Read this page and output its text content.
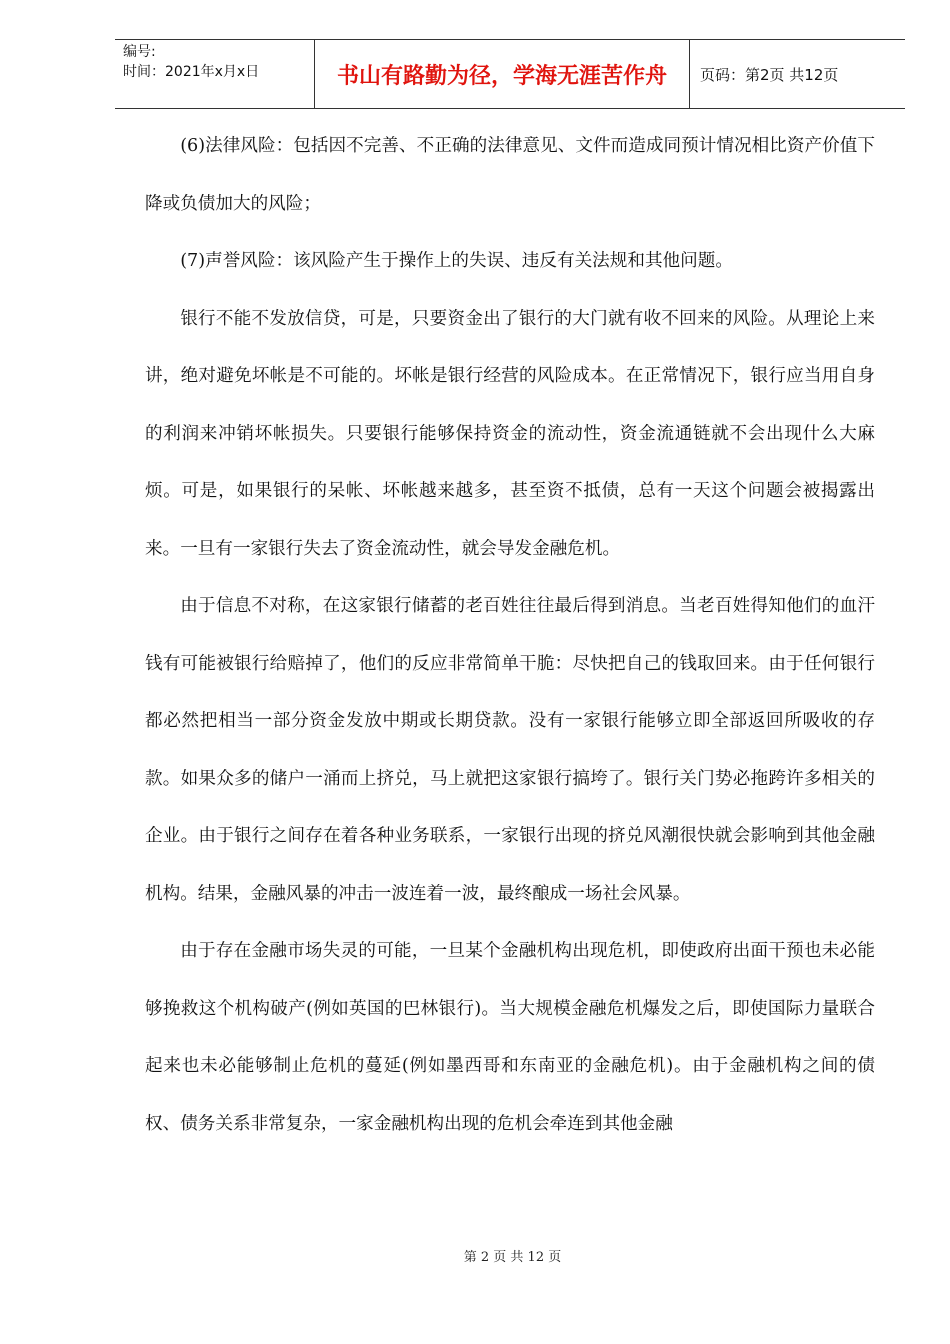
编号:
时间：2021年x月x日	书山有路勤为径，学海无涯苦作舟 页码：第2页 共12页

(6)法律风险：包括因不完善、不正确的法律意见、文件而造成同预计情况相比资产价值下降或负债加大的风险；

(7)声誉风险：该风险产生于操作上的失误、违反有关法规和其他问题。

银行不能不发放信贷，可是，只要资金出了银行的大门就有收不回来的风险。从理论上来讲，绝对避免坏帐是不可能的。坏帐是银行经营的风险成本。在正常情况下，银行应当用自身的利润来冲销坏帐损失。只要银行能够保持资金的流动性，资金流通链就不会出现什么大麻烦。可是，如果银行的呆帐、坏帐越来越多，甚至资不抵债，总有一天这个问题会被揭露出来。一旦有一家银行失去了资金流动性，就会导发金融危机。

由于信息不对称，在这家银行储蓄的老百姓往往最后得到消息。当老百姓得知他们的血汗钱有可能被银行给赔掉了，他们的反应非常简单干脆：尽快把自己的钱取回来。由于任何银行都必然把相当一部分资金发放中期或长期贷款。没有一家银行能够立即全部返回所吸收的存款。如果众多的储户一涌而上挤兑，马上就把这家银行搞垮了。银行关门势必拖跨许多相关的企业。由于银行之间存在着各种业务联系，一家银行出现的挤兑风潮很快就会影响到其他金融机构。结果，金融风暴的冲击一波连着一波，最终酿成一场社会风暴。

由于存在金融市场失灵的可能，一旦某个金融机构出现危机，即使政府出面干预也未必能够挽救这个机构破产(例如英国的巴林银行)。当大规模金融危机爆发之后，即使国际力量联合起来也未必能够制止危机的蔓延(例如墨西哥和东南亚的金融危机)。由于金融机构之间的债权、债务关系非常复杂，一家金融机构出现的危机会牵连到其他金融

第 2 页 共 12 页
